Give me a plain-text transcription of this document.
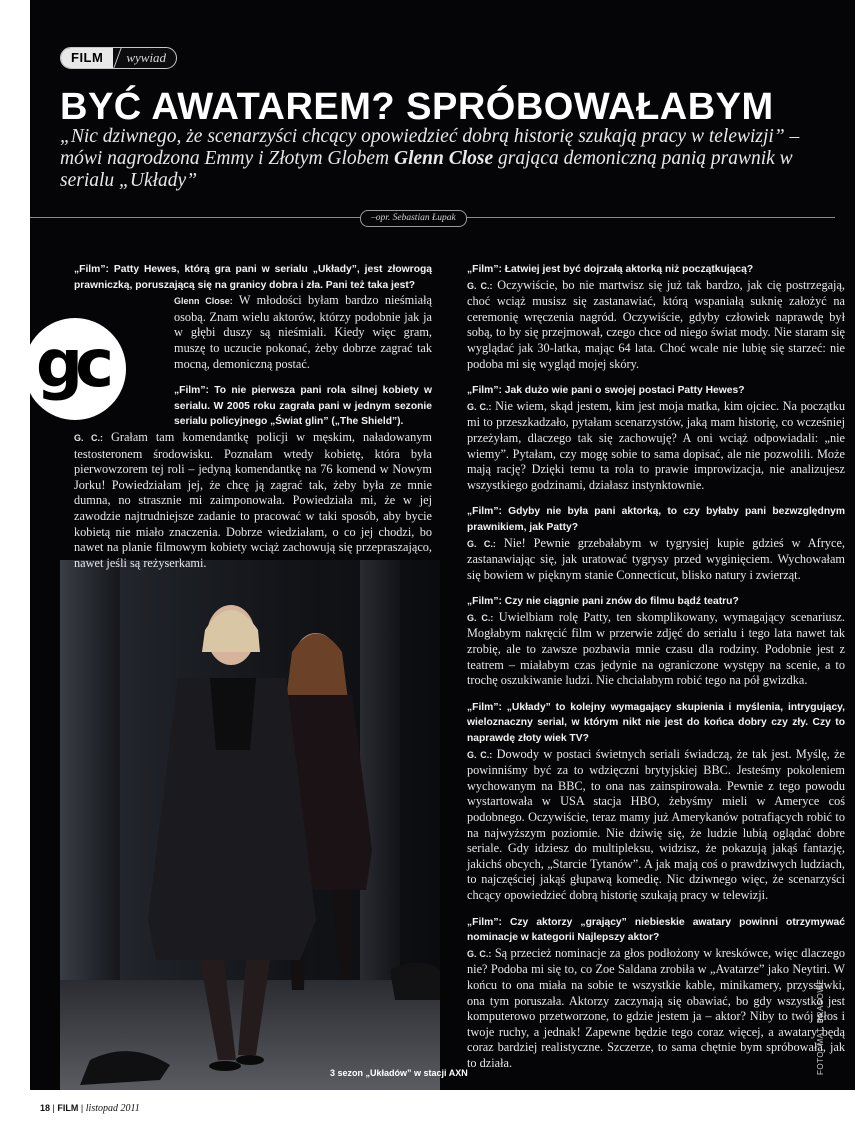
FILM	wywiad
BYĆ AWATAREM? SPRÓBOWAŁABYM
„Nic dziwnego, że scenarzyści chcący opowiedzieć dobrą historię szukają pracy w telewizji” – mówi nagrodzona Emmy i Złotym Globem Glenn Close grająca demoniczną panią prawnik w serialu „Układy”
–opr. Sebastian Łupak
3 sezon „Układów” w stacji AXN	FOTO: MAT. PRASOWE

„Film”: Patty Hewes, którą gra pani w serialu „Układy”, jest złowrogą prawniczką, poruszającą się na granicy dobra i zła. Pani też taka jest?

Glenn Close: W młodości byłam bardzo nieśmiałą osobą. Znam wielu aktorów, którzy podobnie jak ja w głębi duszy są nieśmiali. Kiedy więc gram, muszę to uczucie pokonać, żeby dobrze zagrać tak mocną, demoniczną postać.

„Film”: To nie pierwsza pani rola silnej kobiety w serialu. W 2005 roku zagrała pani w jednym sezonie serialu policyjnego „Świat glin” („The Shield”).

G. C.: Grałam tam komendantkę policji w męskim, naładowanym testosteronem środowisku. Poznałam wtedy kobietę, która była pierwowzorem tej roli – jedyną komendantkę na 76 komend w Nowym Jorku! Powiedziałam jej, że chcę ją zagrać tak, żeby była ze mnie dumna, no strasznie mi zaimponowała. Powiedziała mi, że w jej zawodzie najtrudniejsze zadanie to pracować w taki sposób, aby bycie kobietą nie miało znaczenia. Dobrze wiedziałam, o co jej chodzi, bo nawet na planie filmowym kobiety wciąż zachowują się przepraszająco, nawet jeśli są reżyserkami.

„Film”: Łatwiej jest być dojrzałą aktorką niż początkującą?

G. C.: Oczywiście, bo nie martwisz się już tak bardzo, jak cię postrzegają, choć wciąż musisz się zastanawiać, którą wspaniałą suknię założyć na ceremonię wręczenia nagród. Oczywiście, gdyby człowiek naprawdę był sobą, to by się przejmował, czego chce od niego świat mody. Nie staram się wyglądać jak 30-latka, mając 64 lata. Choć wcale nie lubię się starzeć: nie podoba mi się wygląd mojej skóry.

„Film”: Jak dużo wie pani o swojej postaci Patty Hewes?

G. C.: Nie wiem, skąd jestem, kim jest moja matka, kim ojciec. Na początku mi to przeszkadzało, pytałam scenarzystów, jaką mam historię, co wcześniej przeżyłam, dlaczego tak się zachowuję? A oni wciąż odpowiadali: „nie wiemy”. Pytałam, czy mogę sobie to sama dopisać, ale nie pozwolili. Może mają rację? Dzięki temu ta rola to prawie improwizacja, nie analizujesz wszystkiego godzinami, działasz instynktownie.

„Film”: Gdyby nie była pani aktorką, to czy byłaby pani bezwzględnym prawnikiem, jak Patty?

G. C.: Nie! Pewnie grzebałabym w tygrysiej kupie gdzieś w Afryce, zastanawiając się, jak uratować tygrysy przed wyginięciem. Wychowałam się bowiem w pięknym stanie Connecticut, blisko natury i zwierząt.

„Film”: Czy nie ciągnie pani znów do filmu bądź teatru?

G. C.: Uwielbiam rolę Patty, ten skomplikowany, wymagający scenariusz. Mogłabym nakręcić film w przerwie zdjęć do serialu i tego lata nawet tak zrobię, ale to zawsze pozbawia mnie czasu dla rodziny. Podobnie jest z teatrem – miałabym czas jedynie na ograniczone występy na scenie, a to trochę oszukiwanie ludzi. Nie chciałabym robić tego na pół gwizdka.

„Film”: „Układy” to kolejny wymagający skupienia i myślenia, intrygujący, wieloznaczny serial, w którym nikt nie jest do końca dobry czy zły. Czy to naprawdę złoty wiek TV?

G. C.: Dowody w postaci świetnych seriali świadczą, że tak jest. Myślę, że powinniśmy być za to wdzięczni brytyjskiej BBC. Jesteśmy pokoleniem wychowanym na BBC, to ona nas zainspirowała. Pewnie z tego powodu wystartowała w USA stacja HBO, żebyśmy mieli w Ameryce coś podobnego. Oczywiście, teraz mamy już Amerykanów potrafiących robić to na najwyższym poziomie. Nie dziwię się, że ludzie lubią oglądać dobre seriale. Gdy idziesz do multipleksu, widzisz, że pokazują jakąś fantazję, jakichś obcych, „Starcie Tytanów”. A jak mają coś o prawdziwych ludziach, to najczęściej jakąś głupawą komedię. Nic dziwnego więc, że scenarzyści chcący opowiedzieć dobrą historię szukają pracy w telewizji.

„Film”: Czy aktorzy „grający” niebieskie awatary powinni otrzymywać nominacje w kategorii Najlepszy aktor?

G. C.: Są przecież nominacje za głos podłożony w kreskówce, więc dlaczego nie? Podoba mi się to, co Zoe Saldana zrobiła w „Avatarze” jako Neytiri. W końcu to ona miała na sobie te wszystkie kable, minikamery, przyssawki, ona tym poruszała. Aktorzy zaczynają się obawiać, bo gdy wszystko jest komputerowo przetworzone, to gdzie jestem ja – aktor? Niby to twój głos i twoje ruchy, a jednak! Zapewne będzie tego coraz więcej, a awatary będą coraz bardziej realistyczne. Szczerze, to sama chętnie bym spróbowała, jak to działa.

gc
18 | FILM | listopad 2011
